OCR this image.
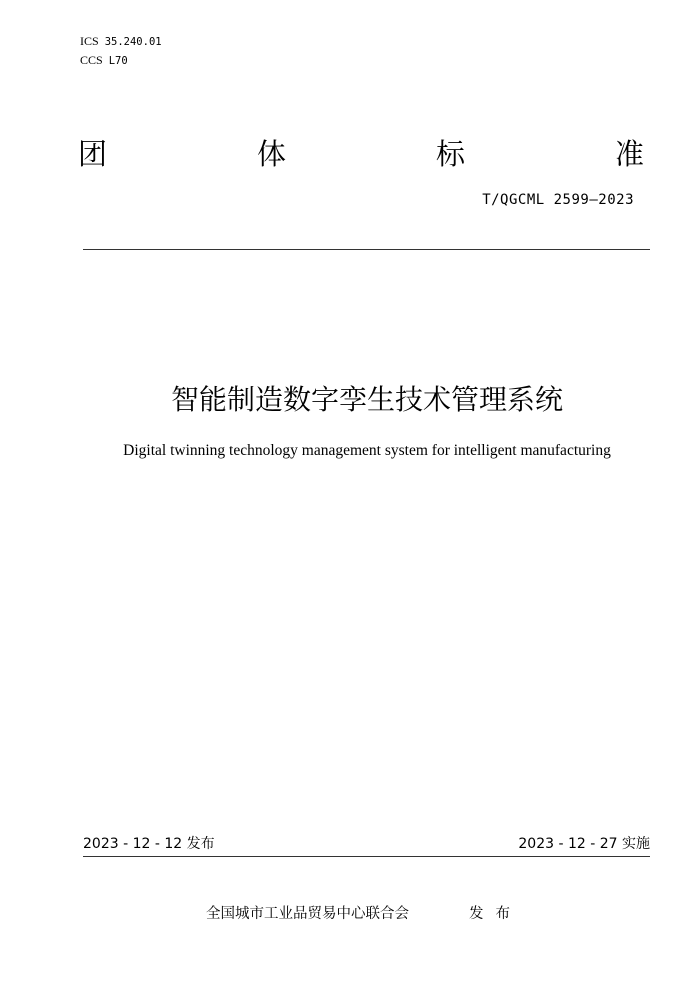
ICS 35.240.01
CCS L70
团	体	标	准
T/QGCML 2599—2023
智能制造数字孪生技术管理系统
Digital twinning technology management system for intelligent manufacturing
2023 - 12 - 12 发布	2023 - 12 - 27 实施
全国城市工业品贸易中心联合会	发布
